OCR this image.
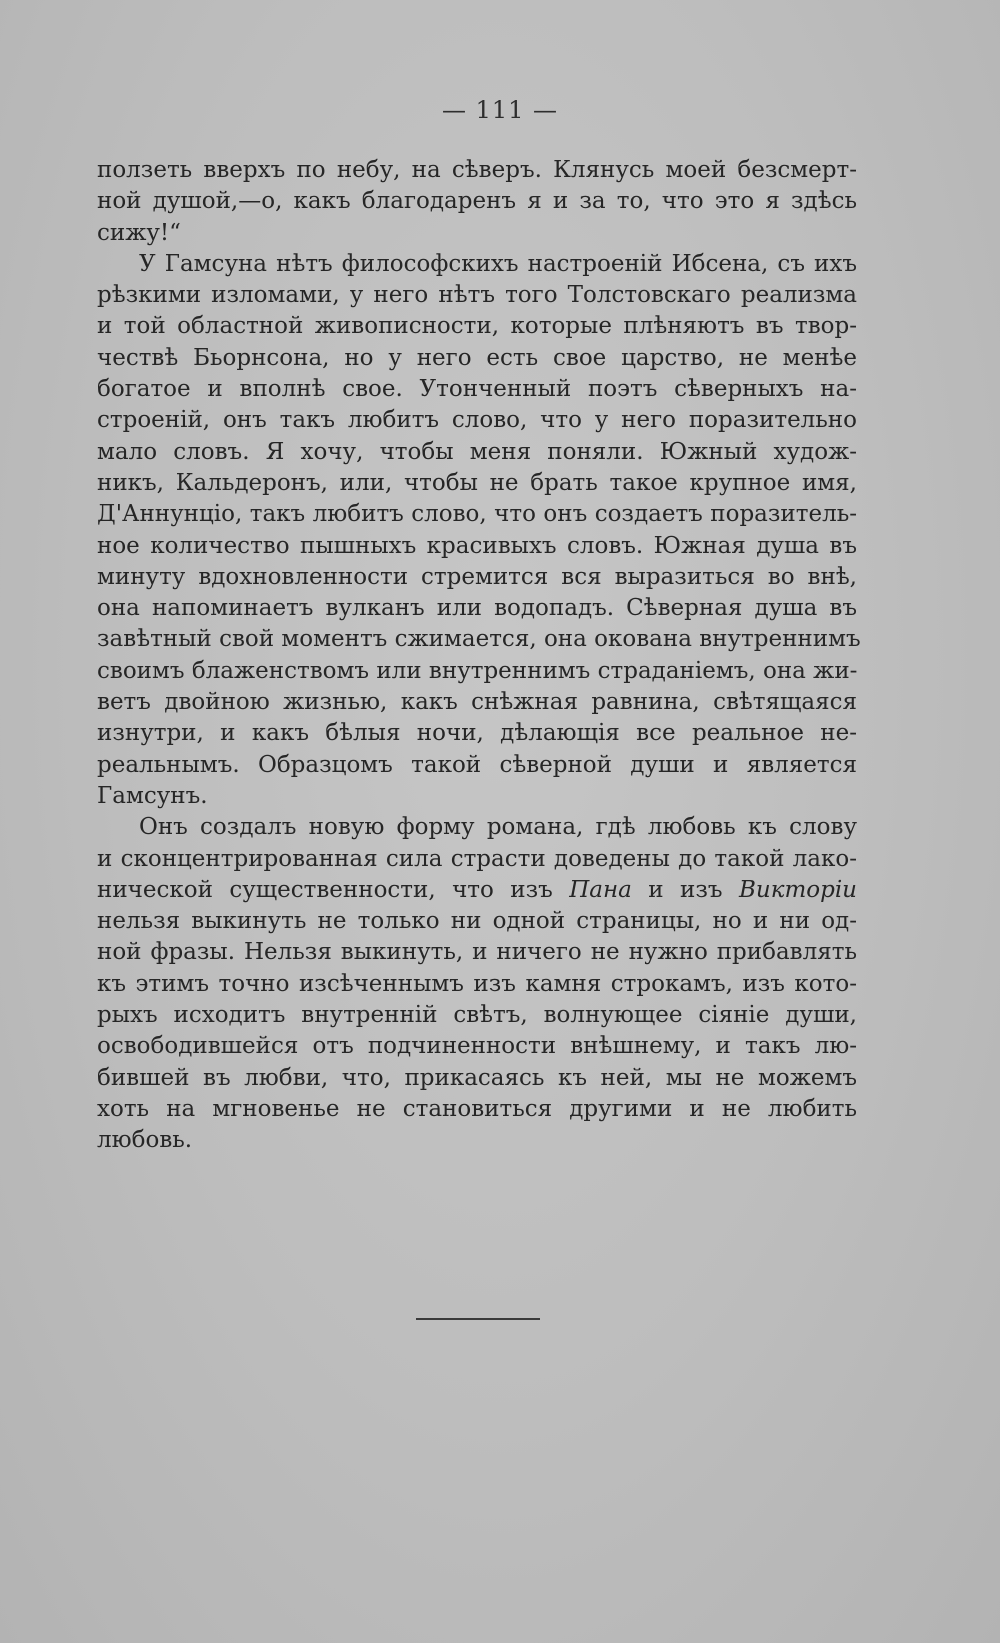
— 111 —
ползеть вверхъ по небу, на сѣверъ. Клянусь моей безсмерт-
ной душой,—о, какъ благодаренъ я и за то, что это я здѣсь
сижу!“
У Гамсуна нѣтъ философскихъ настроеній Ибсена, съ ихъ
рѣзкими изломами, у него нѣтъ того Толстовскаго реализма
и той областной живописности, которые плѣняютъ въ твор-
чествѣ Бьорнсона, но у него есть свое царство, не менѣе
богатое и вполнѣ свое. Утонченный поэтъ сѣверныхъ на-
строеній, онъ такъ любитъ слово, что у него поразительно
мало словъ. Я хочу, чтобы меня поняли. Южный худож-
никъ, Кальдеронъ, или, чтобы не брать такое крупное имя,
Д'Аннунціо, такъ любитъ слово, что онъ создаетъ поразитель-
ное количество пышныхъ красивыхъ словъ. Южная душа въ
минуту вдохновленности стремится вся выразиться во внѣ,
она напоминаетъ вулканъ или водопадъ. Сѣверная душа въ
завѣтный свой моментъ сжимается, она окована внутреннимъ
своимъ блаженствомъ или внутреннимъ страданіемъ, она жи-
ветъ двойною жизнью, какъ снѣжная равнина, свѣтящаяся
изнутри, и какъ бѣлыя ночи, дѣлающія все реальное не-
реальнымъ. Образцомъ такой сѣверной души и является
Гамсунъ.
Онъ создалъ новую форму романа, гдѣ любовь къ слову
и сконцентрированная сила страсти доведены до такой лако-
нической существенности, что изъ Пана и изъ Викторіи
нельзя выкинуть не только ни одной страницы, но и ни од-
ной фразы. Нельзя выкинуть, и ничего не нужно прибавлять
къ этимъ точно изсѣченнымъ изъ камня строкамъ, изъ кото-
рыхъ исходитъ внутренній свѣтъ, волнующее сіяніе души,
освободившейся отъ подчиненности внѣшнему, и такъ лю-
бившей въ любви, что, прикасаясь къ ней, мы не можемъ
хоть на мгновенье не становиться другими и не любить
любовь.
